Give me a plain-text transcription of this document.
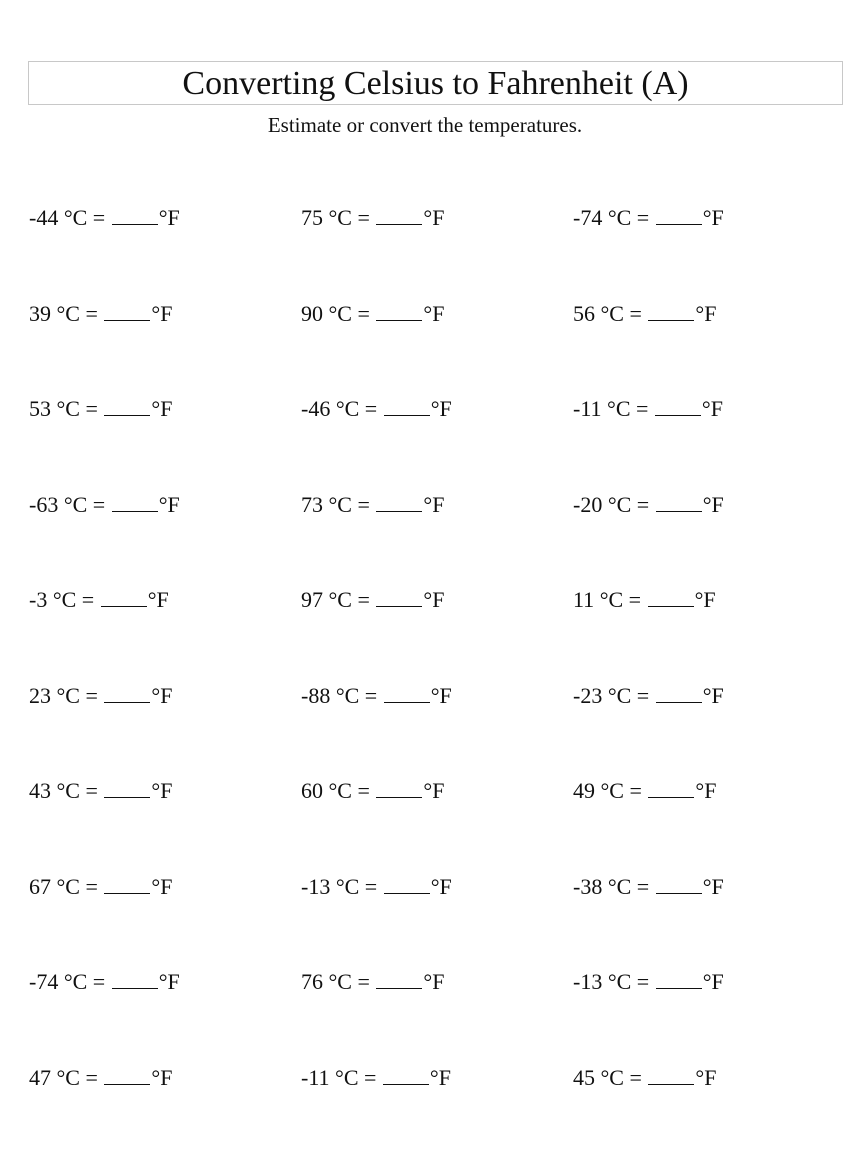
Converting Celsius to Fahrenheit (A)
Estimate or convert the temperatures.
-44 °C = °F	75 °C = °F	-74 °C = °F
39 °C = °F	90 °C = °F	56 °C = °F
53 °C = °F	-46 °C = °F	-11 °C = °F
-63 °C = °F	73 °C = °F	-20 °C = °F
-3 °C = °F	97 °C = °F	11 °C = °F
23 °C = °F	-88 °C = °F	-23 °C = °F
43 °C = °F	60 °C = °F	49 °C = °F
67 °C = °F	-13 °C = °F	-38 °C = °F
-74 °C = °F	76 °C = °F	-13 °C = °F
47 °C = °F	-11 °C = °F	45 °C = °F
